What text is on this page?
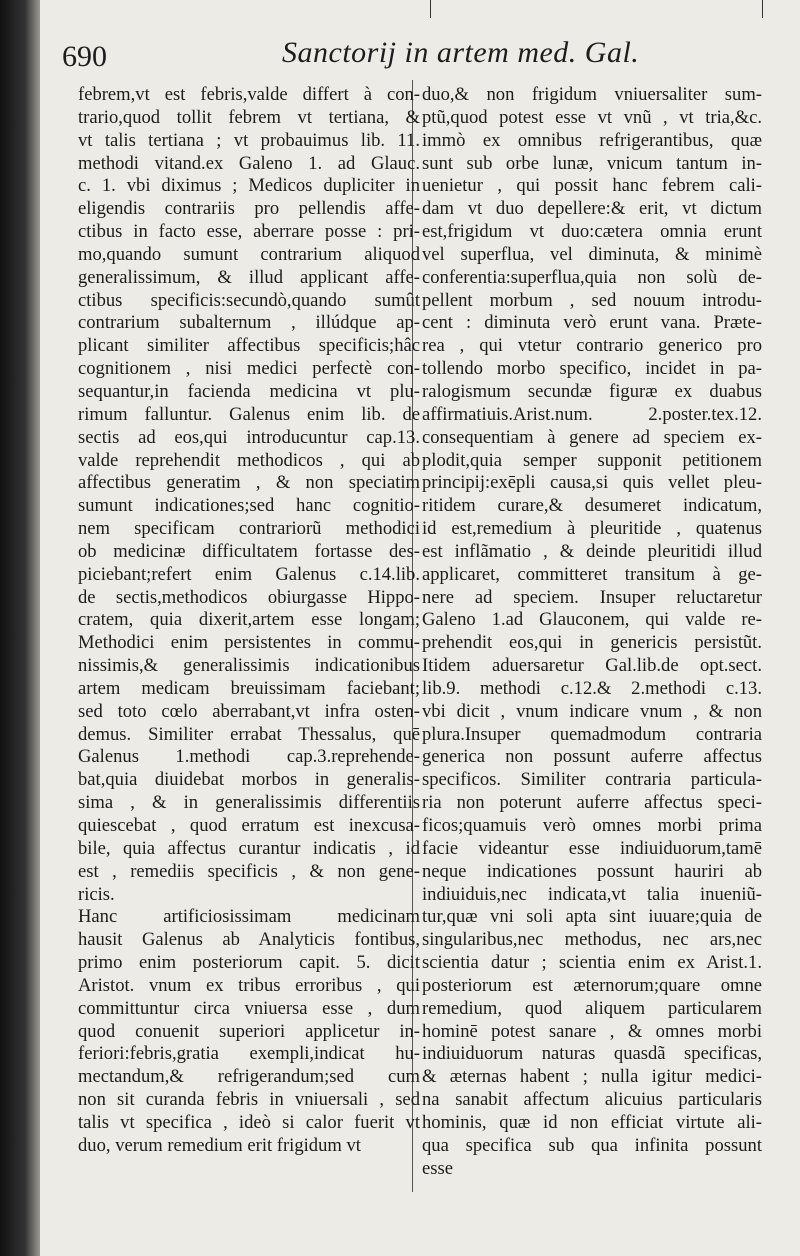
690	Sanctorij in artem med. Gal.
febrem,vt est febris,valde differt à con-
trario,quod tollit febrem vt tertiana, &
vt talis tertiana ; vt probauimus lib. 11.
methodi vitand.ex Galeno 1. ad Glauc.
c. 1. vbi diximus ; Medicos dupliciter in
eligendis contrariis pro pellendis affe-
ctibus in facto esse, aberrare posse : pri-
mo,quando sumunt contrarium aliquod
generalissimum, & illud applicant affe-
ctibus specificis:secundò,quando sumût
contrarium subalternum , illúdque ap-
plicant similiter affectibus specificis;hâc
cognitionem , nisi medici perfectè con-
sequantur,in facienda medicina vt plu-
rimum falluntur. Galenus enim lib. de
sectis ad eos,qui introducuntur cap.13.
valde reprehendit methodicos , qui ab
affectibus generatim , & non speciatim
sumunt indicationes;sed hanc cognitio-
nem specificam contrariorũ methodici
ob medicinæ difficultatem fortasse des-
piciebant;refert enim Galenus c.14.lib.
de sectis,methodicos obiurgasse Hippo-
cratem, quia dixerit,artem esse longam;
Methodici enim persistentes in commu-
nissimis,& generalissimis indicationibus
artem medicam breuissimam faciebant;
sed toto cœlo aberrabant,vt infra osten-
demus. Similiter errabat Thessalus, quē
Galenus 1.methodi cap.3.reprehende-
bat,quia diuidebat morbos in generalis-
sima , & in generalissimis differentiis
quiescebat , quod erratum est inexcusa-
bile, quia affectus curantur indicatis , id
est , remediis specificis , & non gene-
ricis.
Hanc artificiosissimam medicinam
hausit Galenus ab Analyticis fontibus,
primo enim posteriorum capit. 5. dicit
Aristot. vnum ex tribus erroribus , qui
committuntur circa vniuersa esse , dum
quod conuenit superiori applicetur in-
feriori:febris,gratia exempli,indicat hu-
mectandum,& refrigerandum;sed cum
non sit curanda febris in vniuersali , sed
talis vt specifica , ideò si calor fuerit vt
duo, verum remedium erit frigidum vt
duo,& non frigidum vniuersaliter sum-
ptũ,quod potest esse vt vnũ , vt tria,&c.
immò ex omnibus refrigerantibus, quæ
sunt sub orbe lunæ, vnicum tantum in-
uenietur , qui possit hanc febrem cali-
dam vt duo depellere:& erit, vt dictum
est,frigidum vt duo:cætera omnia erunt
vel superflua, vel diminuta, & minimè
conferentia:superflua,quia non solù de-
pellent morbum , sed nouum introdu-
cent : diminuta verò erunt vana. Præte-
rea , qui vtetur contrario generico pro
tollendo morbo specifico, incidet in pa-
ralogismum secundæ figuræ ex duabus
affirmatiuis.Arist.num. 2.poster.tex.12.
consequentiam à genere ad speciem ex-
plodit,quia semper supponit petitionem
principij:exēpli causa,si quis vellet pleu-
ritidem curare,& desumeret indicatum,
id est,remedium à pleuritide , quatenus
est inflãmatio , & deinde pleuritidi illud
applicaret, committeret transitum à ge-
nere ad speciem. Insuper reluctaretur
Galeno 1.ad Glauconem, qui valde re-
prehendit eos,qui in genericis persistũt.
Itidem aduersaretur Gal.lib.de opt.sect.
lib.9. methodi c.12.& 2.methodi c.13.
vbi dicit , vnum indicare vnum , & non
plura.Insuper quemadmodum contraria
generica non possunt auferre affectus
specificos. Similiter contraria particula-
ria non poterunt auferre affectus speci-
ficos;quamuis verò omnes morbi prima
facie videantur esse indiuiduorum,tamē
neque indicationes possunt hauriri ab
indiuiduis,nec indicata,vt talia inueniũ-
tur,quæ vni soli apta sint iuuare;quia de
singularibus,nec methodus, nec ars,nec
scientia datur ; scientia enim ex Arist.1.
posteriorum est æternorum;quare omne
remedium, quod aliquem particularem
hominē potest sanare , & omnes morbi
indiuiduorum naturas quasdã specificas,
& æternas habent ; nulla igitur medici-
na sanabit affectum alicuius particularis
hominis, quæ id non efficiat virtute ali-
qua specifica sub qua infinita possunt
esse
